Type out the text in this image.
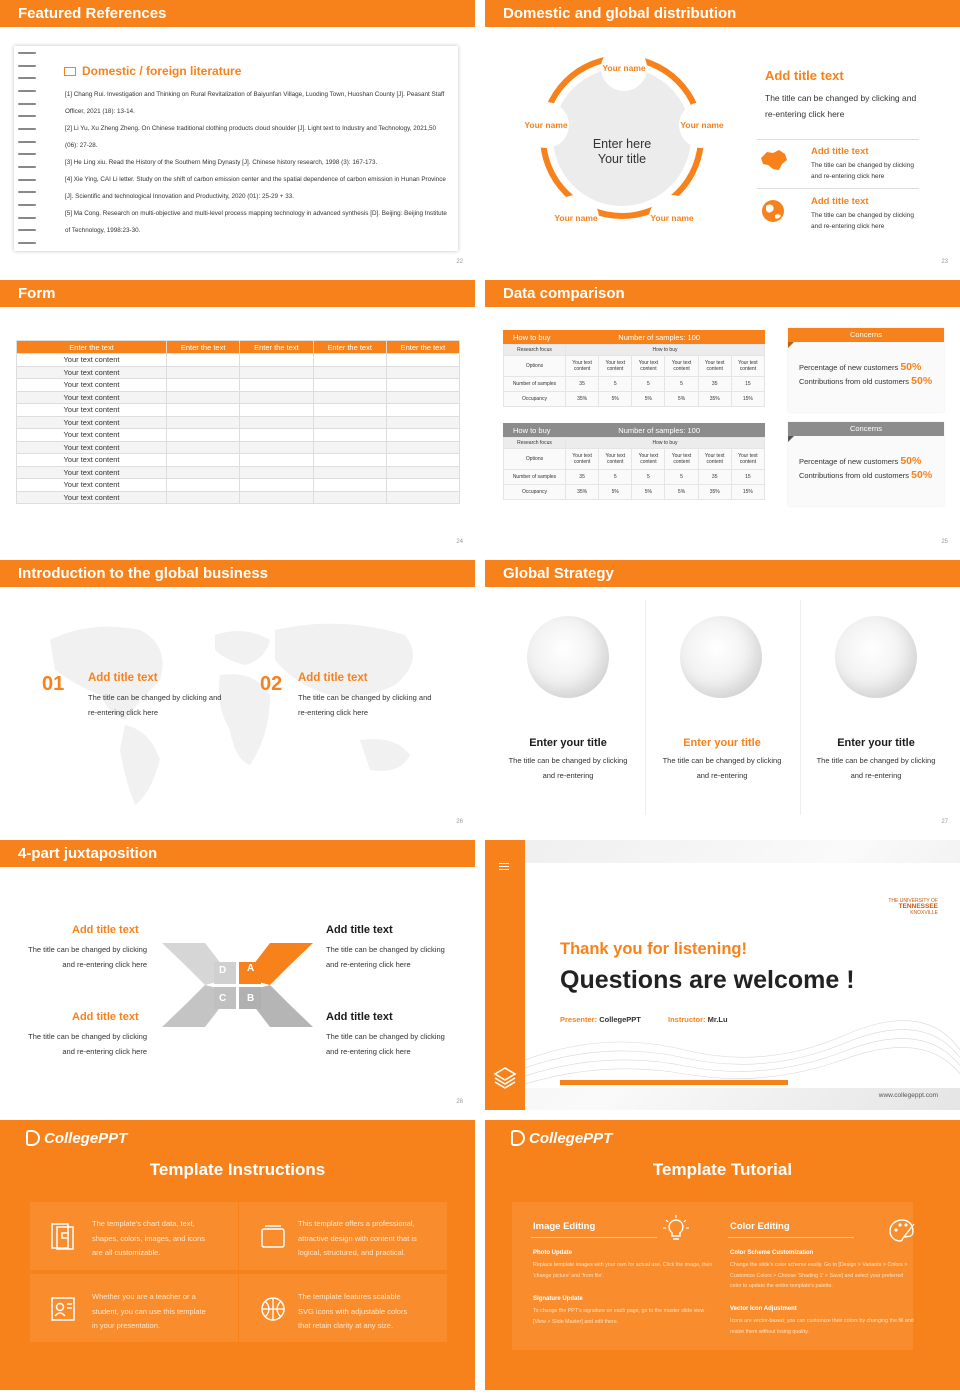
Featured References
Domestic / foreign literature
[1] Chang Rui. Investigation and Thinking on Rural Revitalization of Baiyunfan Village, Luoding Town, Huoshan County [J]. Peasant Staff Officer, 2021 (18): 13-14.
[2] Li Yu, Xu Zheng Zheng. On Chinese traditional clothing products cloud shoulder [J]. Light text to Industry and Technology, 2021,50 (06): 27-28.
[3] He Ling xiu. Read the History of the Southern Ming Dynasty [J]. Chinese history research, 1998 (3): 167-173.
[4] Xie Ying, CAI Li letter. Study on the shift of carbon emission center and the spatial dependence of carbon emission in Hunan Province [J]. Scientific and technological Innovation and Productivity, 2020 (01): 25-29 + 33.
[5] Ma Cong. Research on multi-objective and multi-level process mapping technology in advanced synthesis [D]. Beijing: Beijing Institute of Technology, 1998:23-30.
22
Domestic and global distribution
Your name
Your name	Your name
Your name	Your name
Enter here
Your title
Add title text
The title can be changed by clicking and re-entering click here
Add title text
The title can be changed by clicking and re-entering click here
Add title text
The title can be changed by clicking and re-entering click here
23
Form
Enter the text	Enter the text	Enter the text	Enter the text	Enter the text
Your text content				
Your text content				
Your text content				
Your text content				
Your text content				
Your text content				
Your text content				
Your text content				
Your text content				
Your text content				
Your text content				
Your text content				
24
Data comparison
How to buy	Number of samples: 100
Research focus	How to buy					
Options	Your text content	Your text content	Your text content	Your text content	Your text content	Your text content
Number of samples	35	5	5	5	35	15
Occupancy	35%	5%	5%	5%	35%	15%
How to buy	Number of samples: 100
Research focus	How to buy					
Options	Your text content	Your text content	Your text content	Your text content	Your text content	Your text content
Number of samples	35	5	5	5	35	15
Occupancy	35%	5%	5%	5%	35%	15%
Concerns
Percentage of new customers 50%
Contributions from old customers 50%
Concerns
Percentage of new customers 50%
Contributions from old customers 50%
25
Introduction to the global business
01 Add title text
The title can be changed by clicking and re-entering click here
02 Add title text
The title can be changed by clicking and re-entering click here
26
Global Strategy
Enter your title	Enter your title	Enter your title
The title can be changed by clicking and re-entering
The title can be changed by clicking and re-entering
The title can be changed by clicking and re-entering
27
4-part juxtaposition
Add title text
The title can be changed by clicking and re-entering click here
Add title text
The title can be changed by clicking and re-entering click here
Add title text
The title can be changed by clicking and re-entering click here
Add title text
The title can be changed by clicking and re-entering click here
D A
C B
28
THE UNIVERSITY OF
TENNESSEE
KNOXVILLE
Thank you for listening!
Questions are welcome !
Presenter: CollegePPT	Instructor: Mr.Lu
www.collegeppt.com
CollegePPT
Template Instructions
The template's chart data, text, shapes, colors, images, and icons are all customizable.
This template offers a professional, attractive design with content that is logical, structured, and practical.
Whether you are a teacher or a student, you can use this template in your presentation.
The template features scalable SVG icons with adjustable colors that retain clarity at any size.
CollegePPT
Template Tutorial
Image Editing
Photo Update
Replace template images with your own for actual use. Click the image, then 'change picture' and 'from file'.
Signature Update
To change the PPT's signature on each page, go to the master slide view [View > Slide Master] and edit there.
Color Editing
Color Scheme Customization
Change the slide's color scheme easily. Go to [Design > Variants > Colors > Customize Colors > Choose 'Shading 1' > Save] and select your preferred color to update the entire template's palette.
Vector Icon Adjustment
Icons are vector-based; you can customize their colors by changing the fill and resize them without losing quality.
